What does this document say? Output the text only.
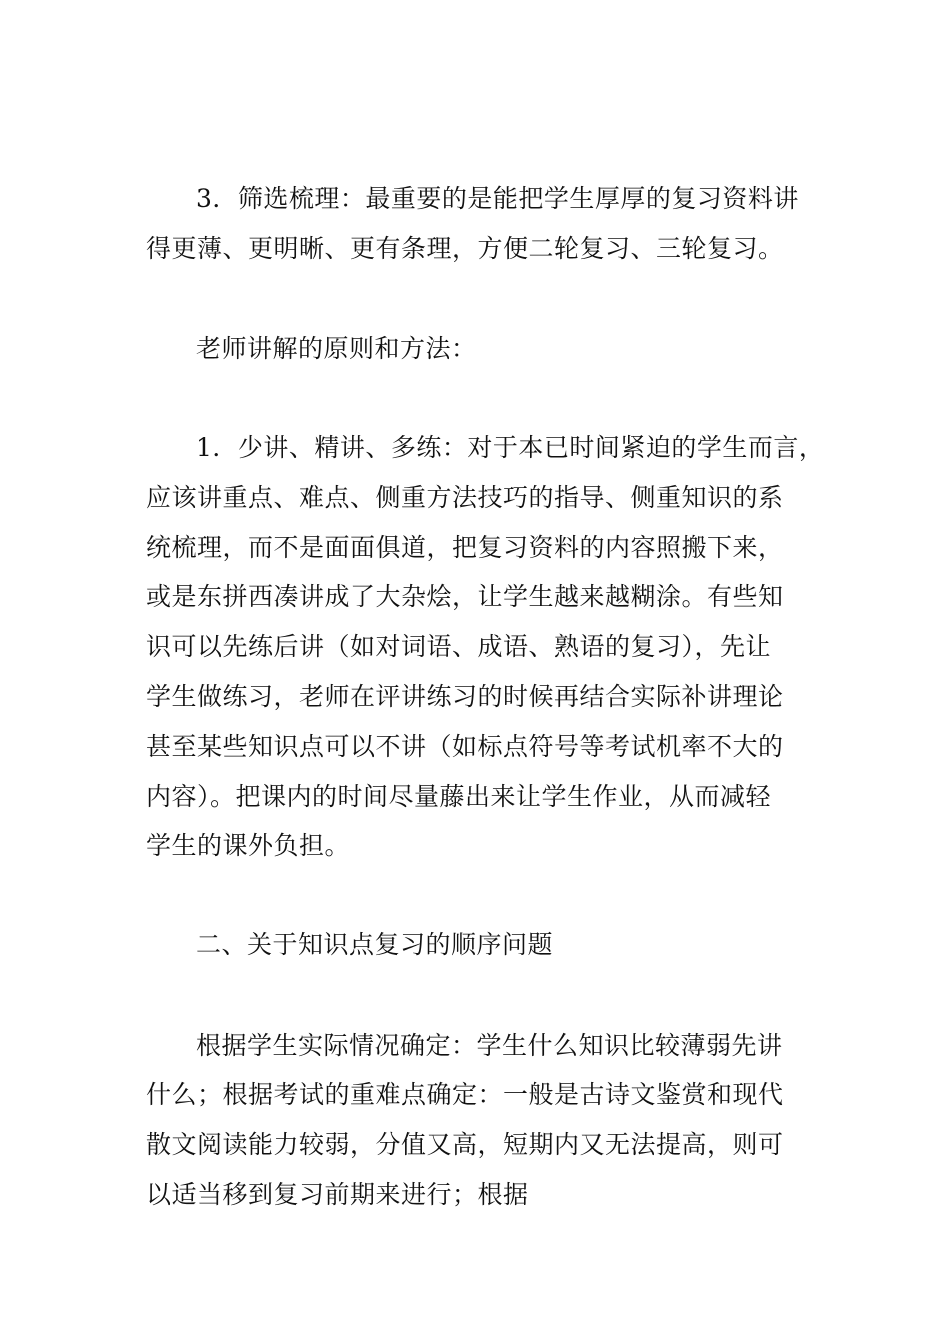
3．筛选梳理：最重要的是能把学生厚厚的复习资料讲
得更薄、更明晰、更有条理，方便二轮复习、三轮复习。
老师讲解的原则和方法：
1．少讲、精讲、多练：对于本已时间紧迫的学生而言，
应该讲重点、难点、侧重方法技巧的指导、侧重知识的系
统梳理，而不是面面俱道，把复习资料的内容照搬下来，
或是东拼西凑讲成了大杂烩，让学生越来越糊涂。有些知
识可以先练后讲（如对词语、成语、熟语的复习），先让
学生做练习，老师在评讲练习的时候再结合实际补讲理论
甚至某些知识点可以不讲（如标点符号等考试机率不大的
内容）。把课内的时间尽量藤出来让学生作业，从而减轻
学生的课外负担。
二、关于知识点复习的顺序问题
根据学生实际情况确定：学生什么知识比较薄弱先讲
什么；根据考试的重难点确定：一般是古诗文鉴赏和现代
散文阅读能力较弱，分值又高，短期内又无法提高，则可
以适当移到复习前期来进行；根据
